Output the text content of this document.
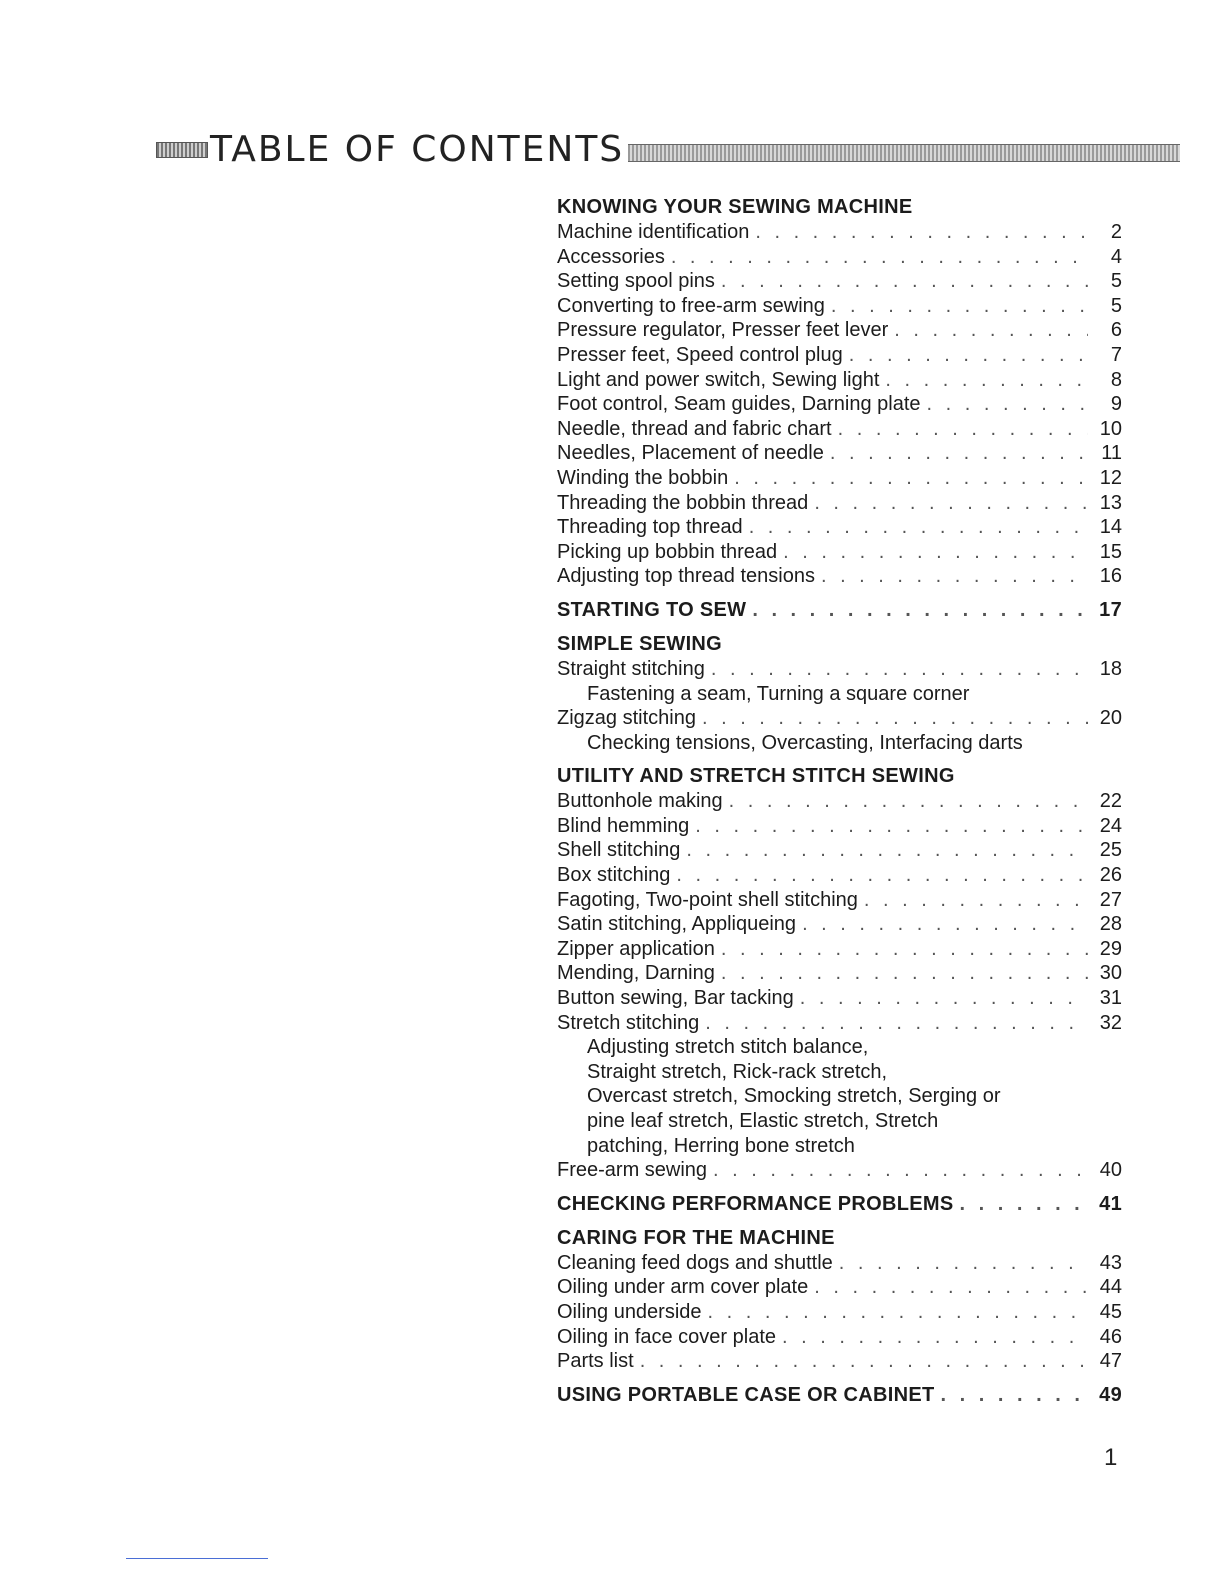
TABLE OF CONTENTS
KNOWING YOUR SEWING MACHINE
Machine identification . . .	2
Accessories . . .	4
Setting spool pins . . .	5
Converting to free-arm sewing . . .	5
Pressure regulator, Presser feet lever . . .	6
Presser feet, Speed control plug . . .	7
Light and power switch, Sewing light . . .	8
Foot control, Seam guides, Darning plate . . .	9
Needle, thread and fabric chart . . .	10
Needles, Placement of needle . . .	11
Winding the bobbin . . .	12
Threading the bobbin thread . . .	13
Threading top thread . . .	14
Picking up bobbin thread . . .	15
Adjusting top thread tensions . . .	16
STARTING TO SEW . . .	17
SIMPLE SEWING
Straight stitching . . .	18
Fastening a seam, Turning a square corner
Zigzag stitching . . .	20
Checking tensions, Overcasting, Interfacing darts
UTILITY AND STRETCH STITCH SEWING
Buttonhole making . . .	22
Blind hemming . . .	24
Shell stitching . . .	25
Box stitching . . .	26
Fagoting, Two-point shell stitching . . .	27
Satin stitching, Appliqueing . . .	28
Zipper application . . .	29
Mending, Darning . . .	30
Button sewing, Bar tacking . . .	31
Stretch stitching . . .	32
Adjusting stretch stitch balance,
Straight stretch, Rick-rack stretch,
Overcast stretch, Smocking stretch, Serging or
pine leaf stretch, Elastic stretch, Stretch
patching, Herring bone stretch
Free-arm sewing . . .	40
CHECKING PERFORMANCE PROBLEMS . . .	41
CARING FOR THE MACHINE
Cleaning feed dogs and shuttle . . .	43
Oiling under arm cover plate . . .	44
Oiling underside . . .	45
Oiling in face cover plate . . .	46
Parts list . . .	47
USING PORTABLE CASE OR CABINET . . .	49
1
